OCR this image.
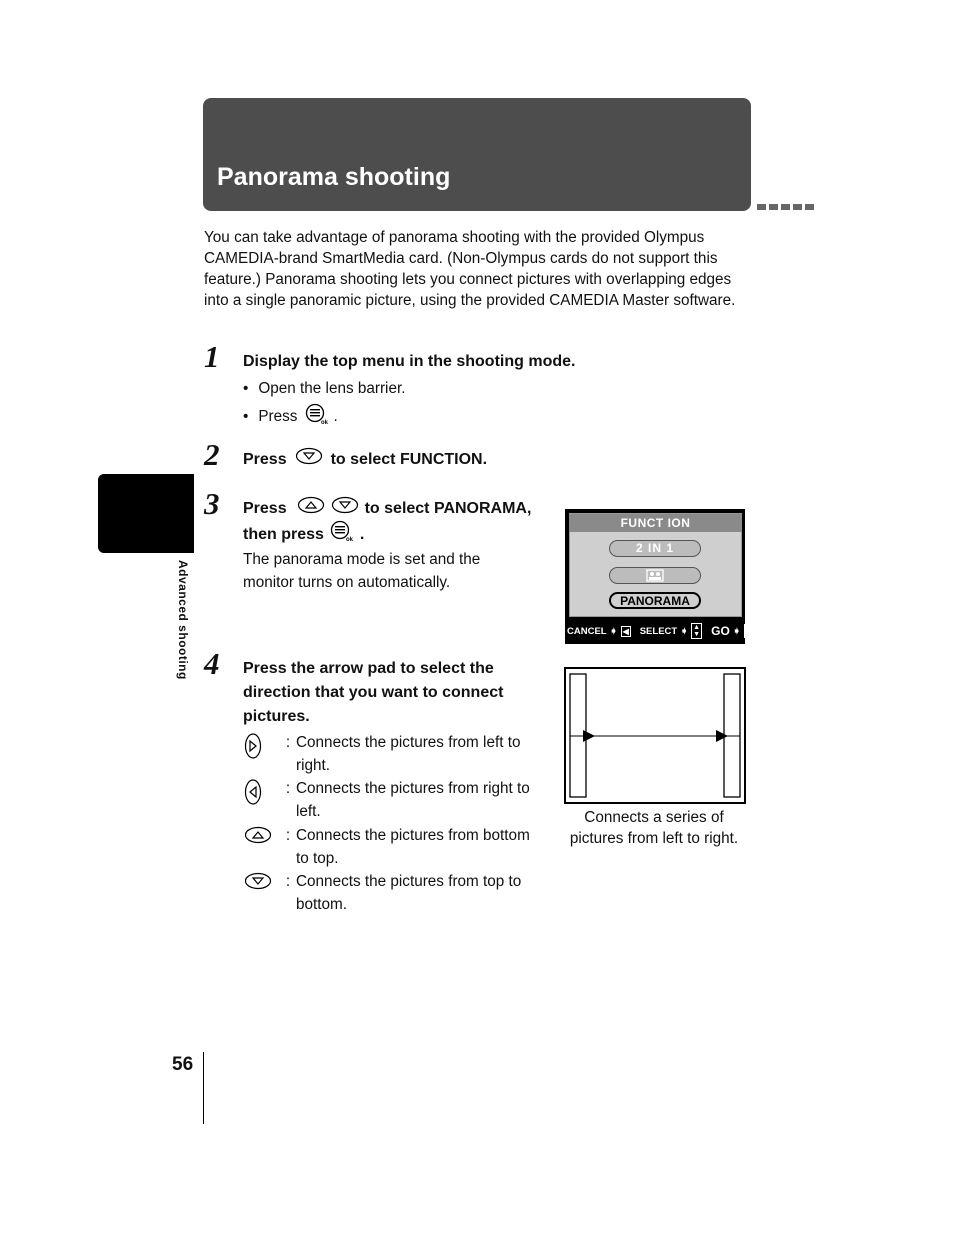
Panorama shooting
Advanced shooting
You can take advantage of panorama shooting with the provided Olympus CAMEDIA-brand SmartMedia card. (Non-Olympus cards do not support this feature.) Panorama shooting lets you connect pictures with overlapping edges into a single panoramic picture, using the provided CAMEDIA Master software.
1 Display the top menu in the shooting mode.
• Open the lens barrier.
• Press	ok .
2 Press	to select FUNCTION.
3 Press	to select PANORAMA,
then press	ok .
The panorama mode is set and the monitor turns on automatically.
FUNCT ION
2 IN 1
PANORAMA
CANCEL ➧ ◀ SELECT ➧ ▲
▼ GO ➧ OK
4 Press the arrow pad to select the direction that you want to connect pictures.
: Connects the pictures from left to right.
: Connects the pictures from right to left.
: Connects the pictures from bottom to top.
: Connects the pictures from top to bottom.
Connects a series of pictures from left to right.
56
